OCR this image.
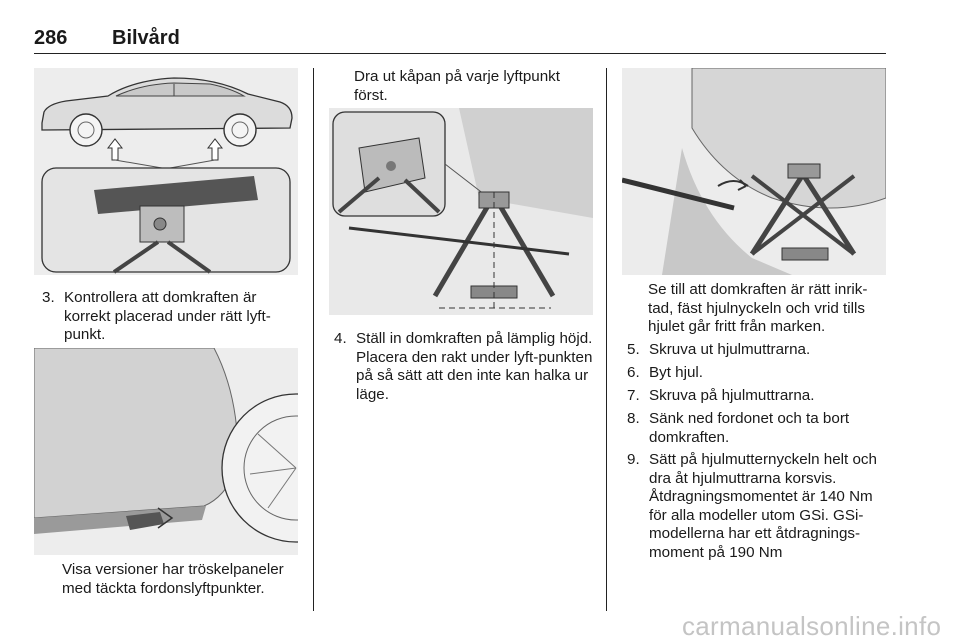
286 Bilvård
3. Kontrollera att domkraften är korrekt placerad under rätt lyft-punkt.
Visa versioner har tröskelpaneler med täckta fordonslyftpunkter.
Dra ut kåpan på varje lyftpunkt först.
4. Ställ in domkraften på lämplig höjd. Placera den rakt under lyft-punkten på så sätt att den inte kan halka ur läge.
Se till att domkraften är rätt inrik-tad, fäst hjulnyckeln och vrid tills hjulet går fritt från marken.
5. Skruva ut hjulmuttrarna.
6. Byt hjul.
7. Skruva på hjulmuttrarna.
8. Sänk ned fordonet och ta bort domkraften.
9. Sätt på hjulmutternyckeln helt och dra åt hjulmuttrarna korsvis. Åtdragningsmomentet är 140 Nm för alla modeller utom GSi. GSi-modellerna har ett åtdragnings-moment på 190 Nm
carmanualsonline.info
